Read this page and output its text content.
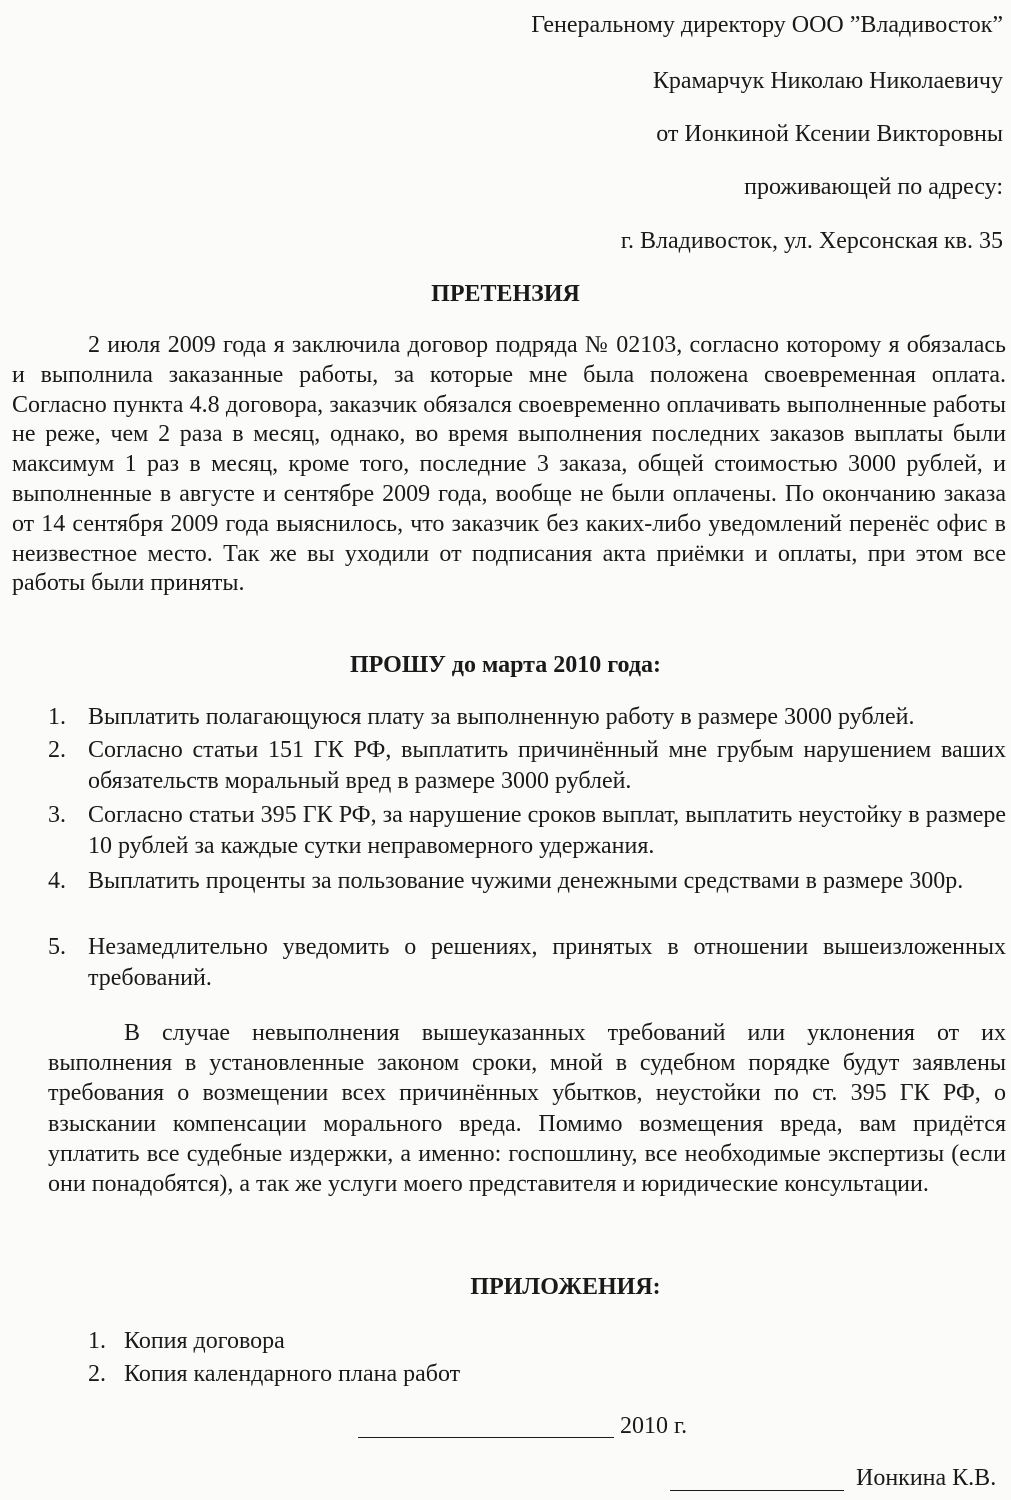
Генеральному директору ООО ”Владивосток”
Крамарчук Николаю Николаевичу
от Ионкиной Ксении Викторовны
проживающей по адресу:
г. Владивосток, ул. Херсонская кв. 35
ПРЕТЕНЗИЯ
2 июля 2009 года я заключила договор подряда № 02103, согласно которому я обязалась и выполнила заказанные работы, за которые мне была положена своевременная оплата. Согласно пункта 4.8 договора, заказчик обязался своевременно оплачивать выполненные работы не реже, чем 2 раза в месяц, однако, во время выполнения последних заказов выплаты были максимум 1 раз в месяц, кроме того, последние 3 заказа, общей стоимостью 3000 рублей, и выполненные в августе и сентябре 2009 года, вообще не были оплачены. По окончанию заказа от 14 сентября 2009 года выяснилось, что заказчик без каких-либо уведомлений перенёс офис в неизвестное место. Так же вы уходили от подписания акта приёмки и оплаты, при этом все работы были приняты.
ПРОШУ до марта 2010 года:
1. Выплатить полагающуюся плату за выполненную работу в размере 3000 рублей.
2. Согласно статьи 151 ГК РФ, выплатить причинённый мне грубым нарушением ваших обязательств моральный вред в размере 3000 рублей.
3. Согласно статьи 395 ГК РФ, за нарушение сроков выплат, выплатить неустойку в размере 10 рублей за каждые сутки неправомерного удержания.
4. Выплатить проценты за пользование чужими денежными средствами в размере 300р.
5. Незамедлительно уведомить о решениях, принятых в отношении вышеизложенных требований.
В случае невыполнения вышеуказанных требований или уклонения от их выполнения в установленные законом сроки, мной в судебном порядке будут заявлены требования о возмещении всех причинённых убытков, неустойки по ст. 395 ГК РФ, о взыскании компенсации морального вреда. Помимо возмещения вреда, вам придётся уплатить все судебные издержки, а именно: госпошлину, все необходимые экспертизы (если они понадобятся), а так же услуги моего представителя и юридические консультации.
ПРИЛОЖЕНИЯ:
1. Копия договора
2. Копия календарного плана работ
2010 г.
Ионкина К.В.
